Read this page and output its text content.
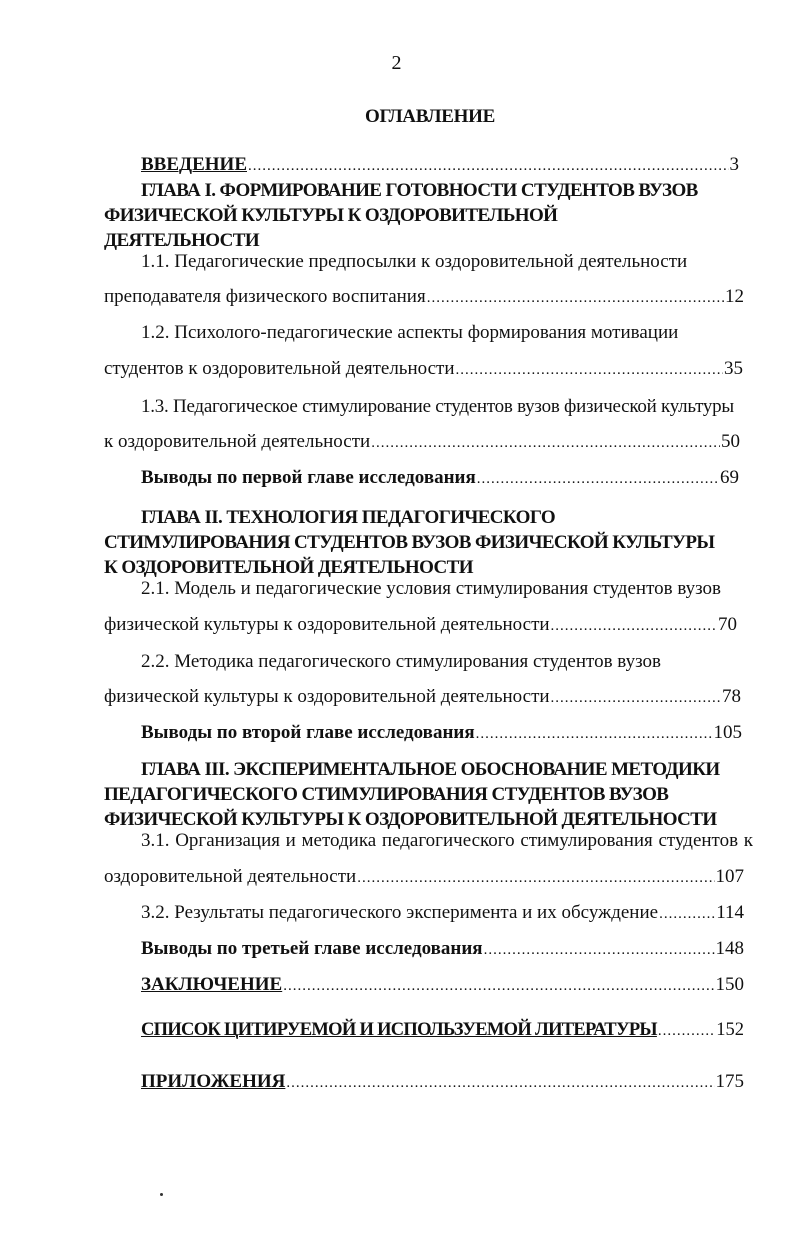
2
ОГЛАВЛЕНИЕ
ВВЕДЕНИЕ .....	3
ГЛАВА I. ФОРМИРОВАНИЕ ГОТОВНОСТИ СТУДЕНТОВ ВУЗОВ
ФИЗИЧЕСКОЙ КУЛЬТУРЫ К ОЗДОРОВИТЕЛЬНОЙ
ДЕЯТЕЛЬНОСТИ
1.1. Педагогические предпосылки к оздоровительной деятельности
преподавателя физического воспитания .....	12
1.2. Психолого-педагогические аспекты формирования мотивации
студентов к оздоровительной деятельности .....	35
1.3. Педагогическое стимулирование студентов вузов физической культуры
к оздоровительной деятельности .....	50
Выводы по первой главе исследования .....	69
ГЛАВА II. ТЕХНОЛОГИЯ ПЕДАГОГИЧЕСКОГО
СТИМУЛИРОВАНИЯ СТУДЕНТОВ ВУЗОВ ФИЗИЧЕСКОЙ КУЛЬТУРЫ
К ОЗДОРОВИТЕЛЬНОЙ ДЕЯТЕЛЬНОСТИ
2.1. Модель и педагогические условия стимулирования студентов вузов
физической культуры к оздоровительной деятельности .....	70
2.2. Методика педагогического стимулирования студентов вузов
физической культуры к оздоровительной деятельности .....	78
Выводы по второй главе исследования .....	105
ГЛАВА III. ЭКСПЕРИМЕНТАЛЬНОЕ ОБОСНОВАНИЕ МЕТОДИКИ
ПЕДАГОГИЧЕСКОГО СТИМУЛИРОВАНИЯ СТУДЕНТОВ ВУЗОВ
ФИЗИЧЕСКОЙ КУЛЬТУРЫ К ОЗДОРОВИТЕЛЬНОЙ ДЕЯТЕЛЬНОСТИ
3.1. Организация и методика педагогического стимулирования студентов к
оздоровительной деятельности .....	107
3.2. Результаты педагогического эксперимента и их обсуждение .....	114
Выводы по третьей главе исследования .....	148
ЗАКЛЮЧЕНИЕ .....	150
СПИСОК ЦИТИРУЕМОЙ И ИСПОЛЬЗУЕМОЙ ЛИТЕРАТУРЫ .....	152
ПРИЛОЖЕНИЯ .....	175
